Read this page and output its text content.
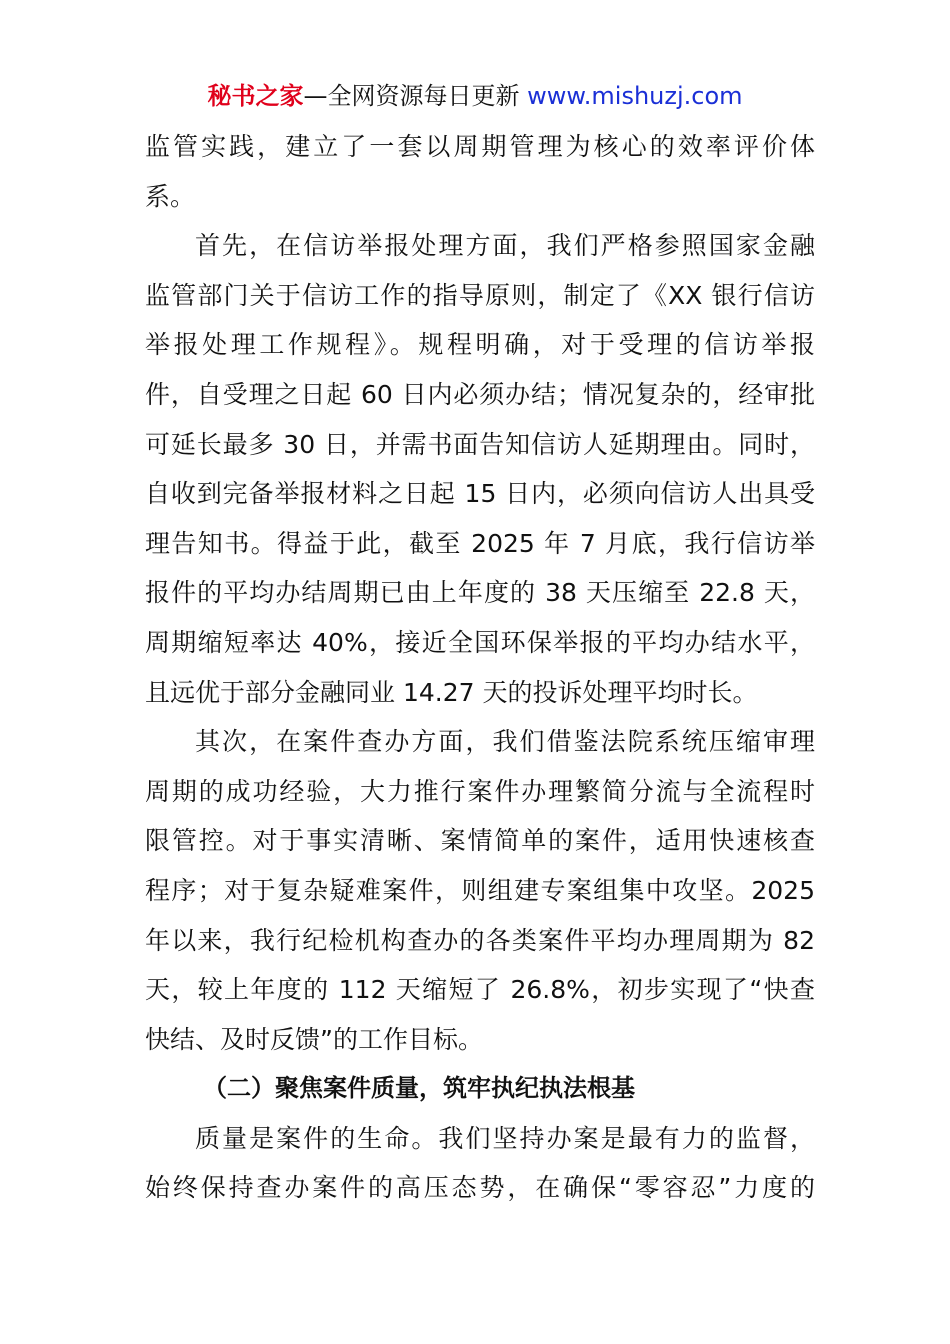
秘书之家—全网资源每日更新 www.mishuzj.com
监管实践，建立了一套以周期管理为核心的效率评价体
系。
首先，在信访举报处理方面，我们严格参照国家金融
监管部门关于信访工作的指导原则，制定了《XX 银行信访
举报处理工作规程》。规程明确，对于受理的信访举报
件，自受理之日起 60 日内必须办结；情况复杂的，经审批
可延长最多 30 日，并需书面告知信访人延期理由。同时，
自收到完备举报材料之日起 15 日内，必须向信访人出具受
理告知书。得益于此，截至 2025 年 7 月底，我行信访举
报件的平均办结周期已由上年度的 38 天压缩至 22.8 天，
周期缩短率达 40%，接近全国环保举报的平均办结水平，
且远优于部分金融同业 14.27 天的投诉处理平均时长。
其次，在案件查办方面，我们借鉴法院系统压缩审理
周期的成功经验，大力推行案件办理繁简分流与全流程时
限管控。对于事实清晰、案情简单的案件，适用快速核查
程序；对于复杂疑难案件，则组建专案组集中攻坚。2025
年以来，我行纪检机构查办的各类案件平均办理周期为 82
天，较上年度的 112 天缩短了 26.8%，初步实现了“快查
快结、及时反馈”的工作目标。
（二）聚焦案件质量，筑牢执纪执法根基
质量是案件的生命。我们坚持办案是最有力的监督，
始终保持查办案件的高压态势，在确保“零容忍”力度的
